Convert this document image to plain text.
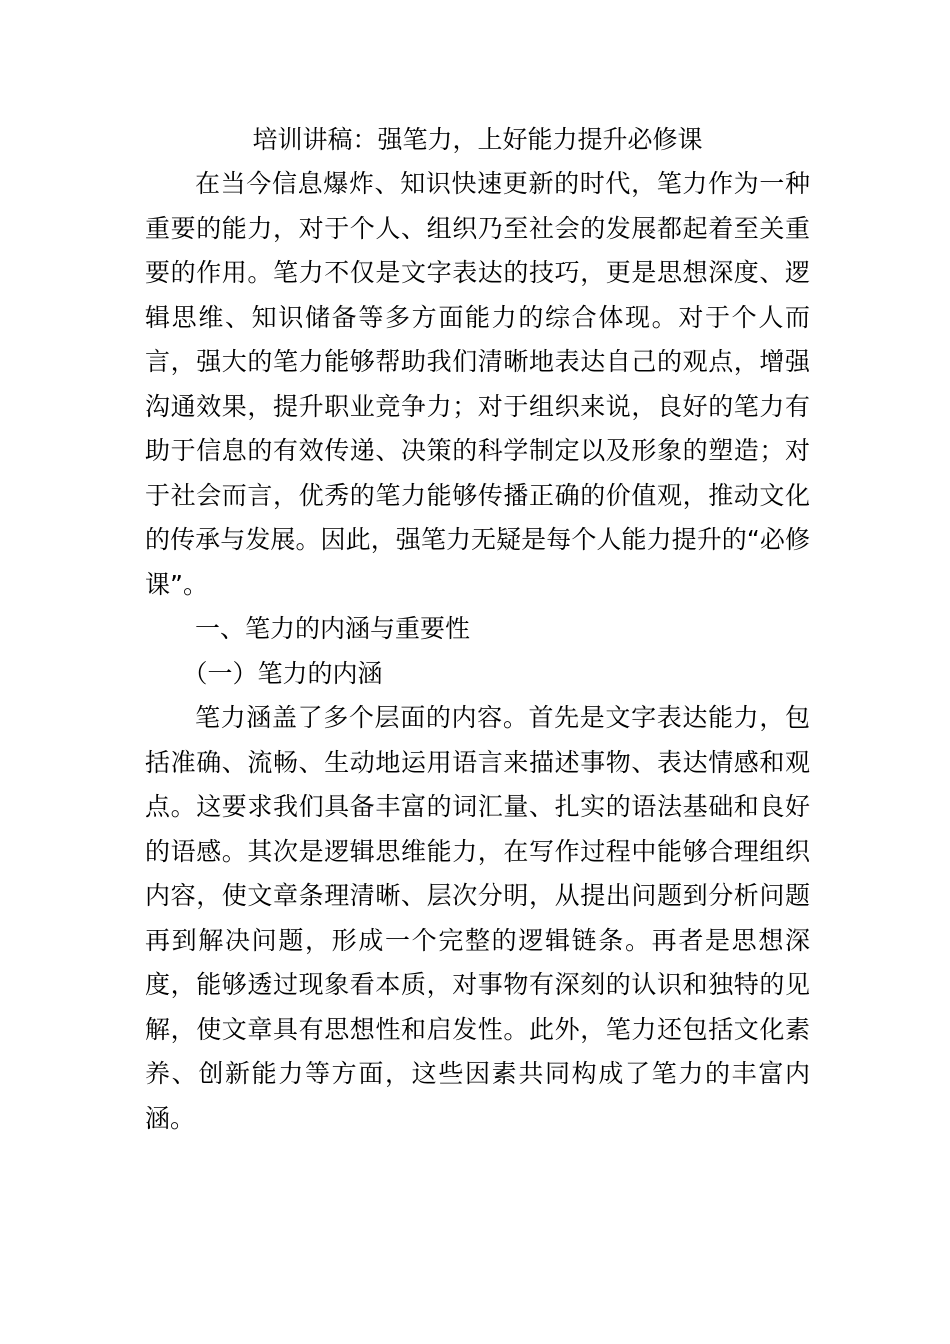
培训讲稿：强笔力，上好能力提升必修课

在当今信息爆炸、知识快速更新的时代，笔力作为一种重要的能力，对于个人、组织乃至社会的发展都起着至关重要的作用。笔力不仅是文字表达的技巧，更是思想深度、逻辑思维、知识储备等多方面能力的综合体现。对于个人而言，强大的笔力能够帮助我们清晰地表达自己的观点，增强沟通效果，提升职业竞争力；对于组织来说，良好的笔力有助于信息的有效传递、决策的科学制定以及形象的塑造；对于社会而言，优秀的笔力能够传播正确的价值观，推动文化的传承与发展。因此，强笔力无疑是每个人能力提升的“必修课”。

一、笔力的内涵与重要性
（一）笔力的内涵

笔力涵盖了多个层面的内容。首先是文字表达能力，包括准确、流畅、生动地运用语言来描述事物、表达情感和观点。这要求我们具备丰富的词汇量、扎实的语法基础和良好的语感。其次是逻辑思维能力，在写作过程中能够合理组织内容，使文章条理清晰、层次分明，从提出问题到分析问题再到解决问题，形成一个完整的逻辑链条。再者是思想深度，能够透过现象看本质，对事物有深刻的认识和独特的见解，使文章具有思想性和启发性。此外，笔力还包括文化素养、创新能力等方面，这些因素共同构成了笔力的丰富内涵。
